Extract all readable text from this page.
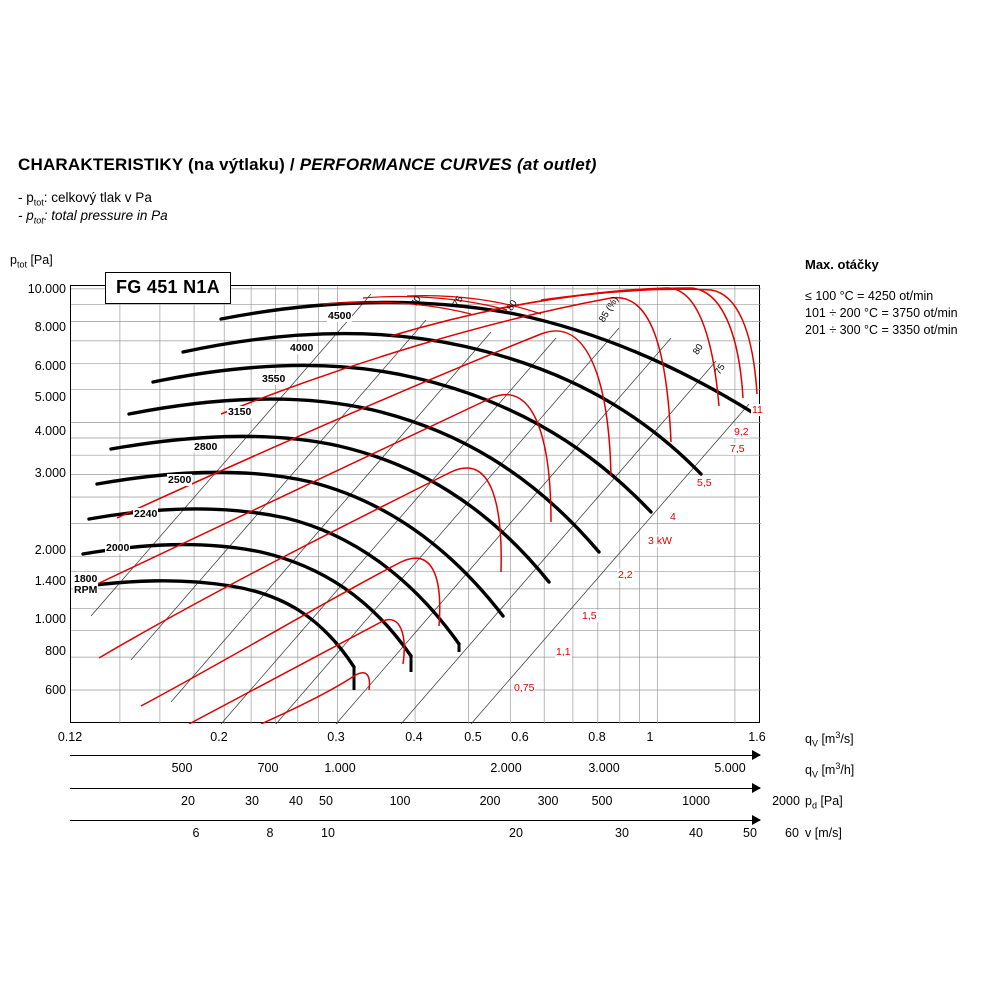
CHARAKTERISTIKY (na výtlaku) / PERFORMANCE CURVES (at outlet)
- $p_{tot}$: celkový tlak v Pa
- $p_{tot}$: total pressure in Pa
Max. otáčky
≤ 100 °C = 4250 ot/min
101 ÷ 200 °C = 3750 ot/min
201 ÷ 300 °C = 3350 ot/min
$p_{tot}$ [Pa]
1800
RPM
2000
2240
2500
2800
3150
3550
4000
4500
0,75
1,1
1,5
2,2
3 kW
4
5,5
7,5
9,2
11
70	75	80	85 (%)
80
75
FG 451 N1A
600
800
1.000
1.400
2.000
3.000
4.000
5.000
6.000
8.000
10.000
0.12	0.2	0.3	0.4	0.5	0.6	0.8	1	1.6	$q_V$ $[m^3/s]$
500	700	1.000	2.000	3.000	5.000	$q_V$ $[m^3/h]$
20	30	40	50	100	200	300	500	1000	2000 $p_d$ [Pa]
6	8	10	20	30	40	50	60 v [m/s]
